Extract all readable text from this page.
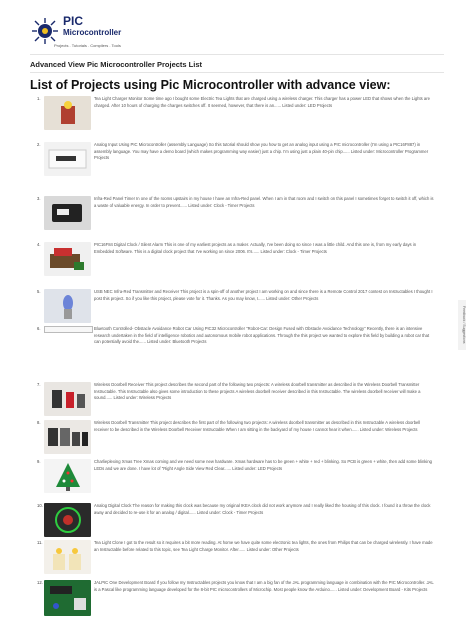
PIC
Microcontroller
Projects . Tutorials . Compilers . Tools
Advanced View Pic Microcontroller Projects List
List of Projects using Pic Microcontroller with advance view:
Feedback / Suggestions
1.	Tea Light Charger Monitor Some time ago I bought some Electric Tea Lights that are charged using a wireless charger. This charger has a power LED that shows when the Lights are charged. After 10 hours of charging the charges switches off. It seemed, however, that there is an...... Listed under: LED Projects
2.	Analog Input Using PIC Microcontroller (assembly Language) So this tutorial should show you how to get an analog input using a PIC microcontroller (I'm using a PIC16F887) in assembly language. You may have a demo board (which makes programming way easier) just a chip. I'm using just a plain 40-pin chip...... Listed under: Microcontroller Programmer Projects
3.	Infra-Red Panel Timer In one of the rooms upstairs in my house I have an Infra-Red panel. When I am in that room and I switch on this panel I sometimes forget to switch it off, which is a waste of valuable energy. In order to prevent...... Listed under: Clock - Timer Projects
4.	PIC16F84 Digital Clock / Silent Alarm This is one of my earliest projects as a maker. Actually, I've been doing so since I was a little child. And this one is, from my early days in Embedded Software. This is a digital clock project that I've working on since 2006. It's...... Listed under: Clock - Timer Projects
5.	USB NEC Infra-Red Transmitter and Receiver This project is a spin-off of another project I am working on and since there is a Remote Control 2017 contest on Instructables I thought I post this project. So if you like this project, please vote for it. Thanks. As you may know, I...... Listed under: Other Projects
6.	Bluetooth Controlled- Obstacle Avoidance Robot Car Using PIC32 Microcontroller "Robot-Car: Design Fused with Obstacle Avoidance Technology" Recently, there is an intensive research undertaken in the field of intelligence robotics and autonomous mobile robot applications. Through the this project we wanted to explore this field by building a robot car that can potentially avoid the...... Listed under: Bluetooth Projects
7.	Wireless Doorbell Receiver This project describes the second part of the following two projects: A wireless doorbell transmitter as described in the Wireless Doorbell Transmitter Instructable. This Instructable also gives some introduction to these projects A wireless doorbell receiver described in this Instructable. The wireless doorbell receiver will make a sound...... Listed under: Wireless Projects
8.	Wireless Doorbell Transmitter This project describes the first part of the following two projects: A wireless doorbell transmitter as described in this Instructable A wireless doorbell receiver to be described in the Wireless Doorbell Receiver Instructable When I am sitting in the backyard of my house I cannot hear it when...... Listed under: Wireless Projects
9.	Charlieplexing Xmas Tree Xmas coming and we need some new hardware. Xmas hardware has to be green + white + red + blinking. So PCB is green + white, then add some blinking LEDs and we are done. I have lot of "Right Angle Side View Red Clear...... Listed under: LED Projects
10.	Analog Digital Clock The reason for making this clock was because my original IKEA clock did not work anymore and I really liked the housing of this clock. I found it a throw the clock away and decided to re-use it for an analog / digital...... Listed under: Clock - Timer Projects
11.	Tea Light Clone I got to the result so it requires a bit more reading. At home we have quite some electronic tea lights, the ones from Philips that can be charged wirelessly. I have made an Instructable before related to this topic, see Tea Light Charge Monitor. After...... Listed under: Other Projects
12.	JALPIC One Development Board If you follow my Instructables projects you know that I am a big fan of the JAL programming language in combination with the PIC Microcontroller. JAL is a Pascal like programming language developed for the 8-bit PIC microcontrollers of Microchip. Most people know the Arduino...... Listed under: Development Board - Kits Projects
